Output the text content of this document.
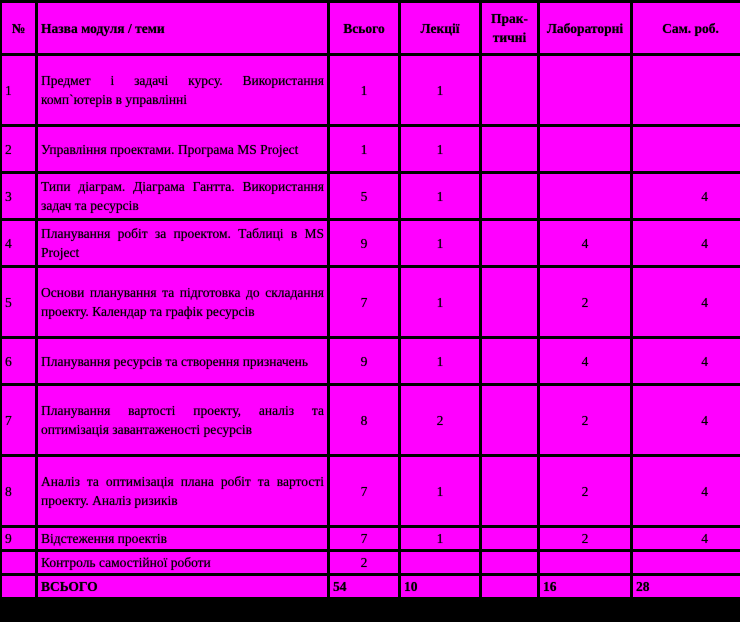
№	Назва модуля / теми	Всього	Лекції	Прак-тичні	Лабораторні	Сам. роб.
1	Предмет і задачі курсу. Використання комп`ютерів в управлінні	1	1			
2	Управління проектами. Програма MS Project	1	1			
3	Типи діаграм. Діаграма Гантта. Використання задач та ресурсів	5	1			4
4	Планування робіт за проектом. Таблиці в MS Project	9	1		4	4
5	Основи планування та підготовка до складання проекту. Календар та графік ресурсів	7	1		2	4
6	Планування ресурсів та створення призначень	9	1		4	4
7	Планування вартості проекту, аналіз та оптимізація завантаженості ресурсів	8	2		2	4
8	Аналіз та оптимізація плана робіт та вартості проекту. Аналіз ризиків	7	1		2	4
9	Відстеження проектів	7	1		2	4
	Контроль самостійної роботи	2				
	ВСЬОГО	54	10		16	28
